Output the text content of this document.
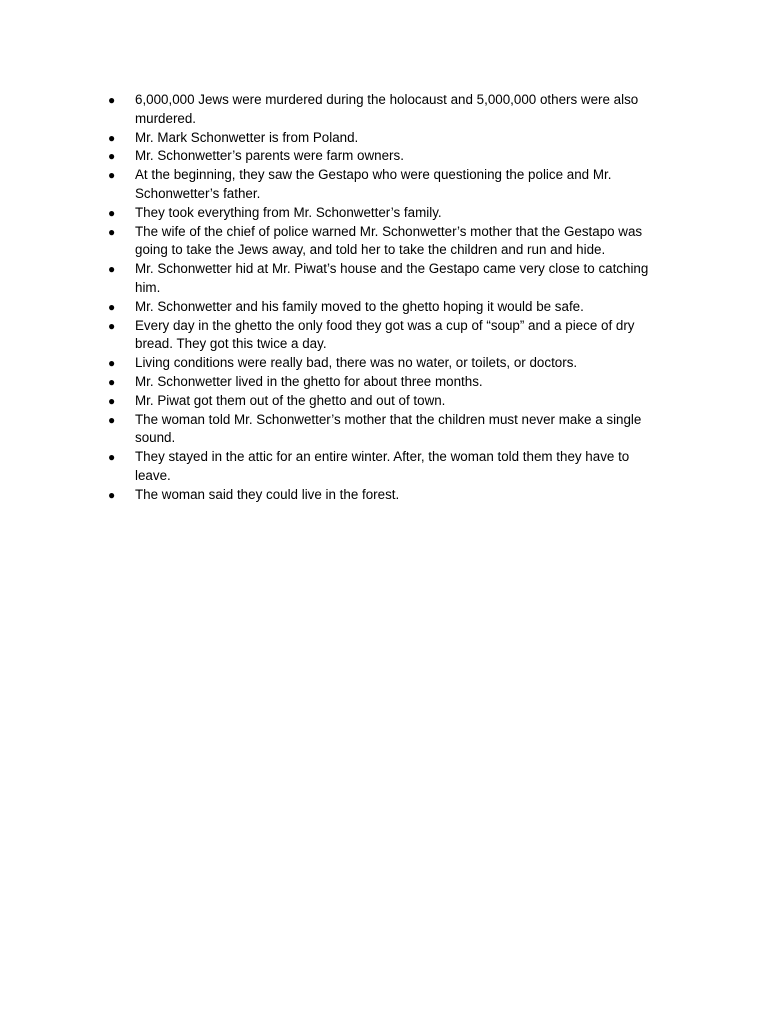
●	6,000,000 Jews were murdered during the holocaust and 5,000,000 others were also murdered.
●	Mr. Mark Schonwetter is from Poland.
●	Mr. Schonwetter’s parents were farm owners.
●	At the beginning, they saw the Gestapo who were questioning the police and Mr. Schonwetter’s father.
●	They took everything from Mr. Schonwetter’s family.
●	The wife of the chief of police warned Mr. Schonwetter’s mother that the Gestapo was going to take the Jews away, and told her to take the children and run and hide.
●	Mr. Schonwetter hid at Mr. Piwat’s house and the Gestapo came very close to catching him.
●	Mr. Schonwetter and his family moved to the ghetto hoping it would be safe.
●	Every day in the ghetto the only food they got was a cup of “soup” and a piece of dry bread. They got this twice a day.
●	Living conditions were really bad, there was no water, or toilets, or doctors.
●	Mr. Schonwetter lived in the ghetto for about three months.
●	Mr. Piwat got them out of the ghetto and out of town.
●	The woman told Mr. Schonwetter’s mother that the children must never make a single sound.
●	They stayed in the attic for an entire winter. After, the woman told them they have to leave.
●	The woman said they could live in the forest.
